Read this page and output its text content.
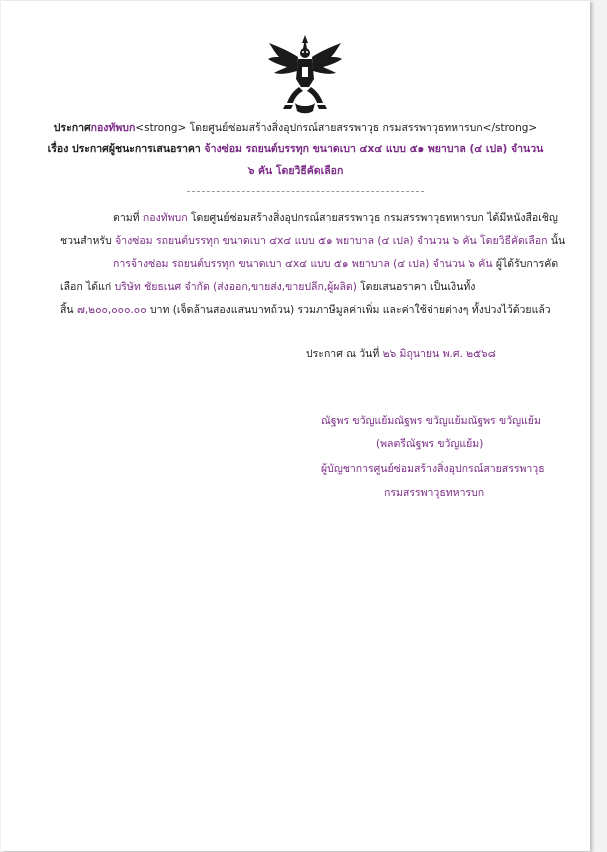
ประกาศกองทัพบก<strong> โดยศูนย์ซ่อมสร้างสิ่งอุปกรณ์สายสรรพาวุธ กรมสรรพาวุธทหารบก</strong>
เรื่อง ประกาศผู้ชนะการเสนอราคา จ้างซ่อม รถยนต์บรรทุก ขนาดเบา ๔x๔ แบบ ๕๑ พยาบาล (๔ เปล) จำนวน
๖ คัน โดยวิธีคัดเลือก
ตามที่ กองทัพบก โดยศูนย์ซ่อมสร้างสิ่งอุปกรณ์สายสรรพาวุธ กรมสรรพาวุธทหารบก ได้มีหนังสือเชิญ
ชวนสำหรับ จ้างซ่อม รถยนต์บรรทุก ขนาดเบา ๔x๔ แบบ ๕๑ พยาบาล (๔ เปล) จำนวน ๖ คัน โดยวิธีคัดเลือก นั้น
การจ้างซ่อม รถยนต์บรรทุก ขนาดเบา ๔x๔ แบบ ๕๑ พยาบาล (๔ เปล) จำนวน ๖ คัน ผู้ได้รับการคัด
เลือก ได้แก่ บริษัท ชัยธเนศ จำกัด (ส่งออก,ขายส่ง,ขายปลีก,ผู้ผลิต) โดยเสนอราคา เป็นเงินทั้ง
สิ้น ๗,๒๐๐,๐๐๐.๐๐ บาท (เจ็ดล้านสองแสนบาทถ้วน) รวมภาษีมูลค่าเพิ่ม และค่าใช้จ่ายต่างๆ ทั้งปวงไว้ด้วยแล้ว
ประกาศ ณ วันที่ ๒๖ มิถุนายน พ.ศ. ๒๕๖๘
ณัฐพร ขวัญแย้มณัฐพร ขวัญแย้มณัฐพร ขวัญแย้ม
(พลตรีณัฐพร ขวัญแย้ม)
ผู้บัญชาการศูนย์ซ่อมสร้างสิ่งอุปกรณ์สายสรรพาวุธ
กรมสรรพาวุธทหารบก
